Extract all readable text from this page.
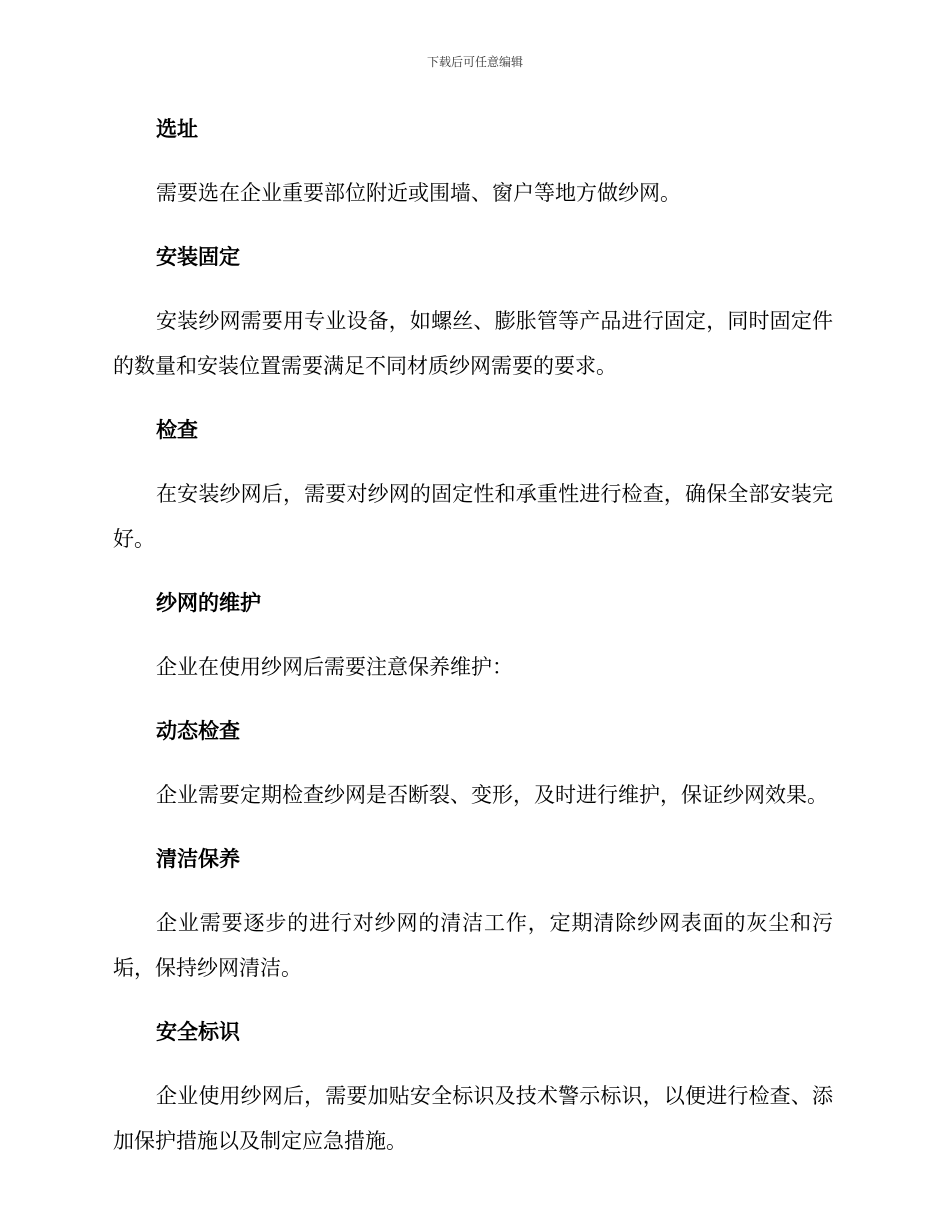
下载后可任意编辑
选址

需要选在企业重要部位附近或围墙、窗户等地方做纱网。

安装固定

安装纱网需要用专业设备，如螺丝、膨胀管等产品进行固定，同时固定件的数量和安装位置需要满足不同材质纱网需要的要求。

检查

在安装纱网后，需要对纱网的固定性和承重性进行检查，确保全部安装完好。

纱网的维护

企业在使用纱网后需要注意保养维护：

动态检查

企业需要定期检查纱网是否断裂、变形，及时进行维护，保证纱网效果。

清洁保养

企业需要逐步的进行对纱网的清洁工作，定期清除纱网表面的灰尘和污垢，保持纱网清洁。

安全标识

企业使用纱网后，需要加贴安全标识及技术警示标识，以便进行检查、添加保护措施以及制定应急措施。
